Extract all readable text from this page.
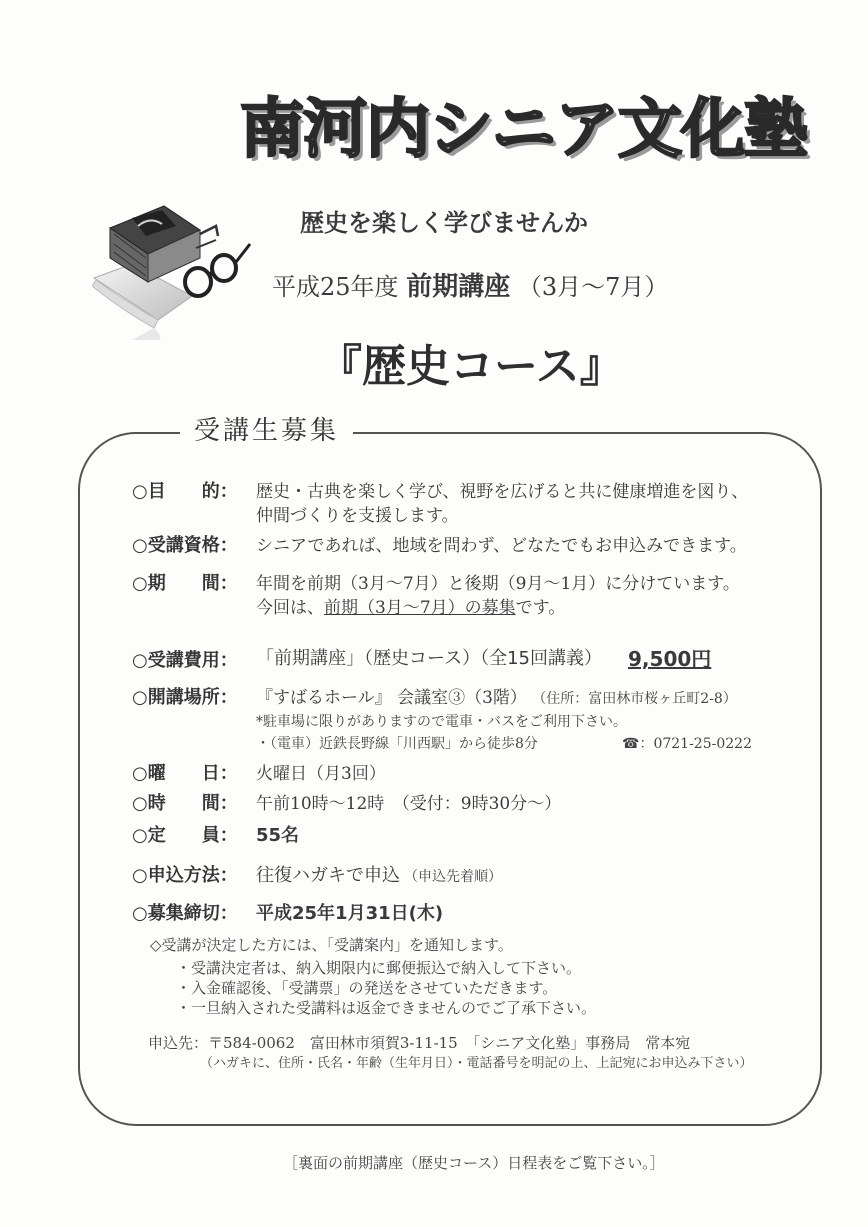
南河内シニア文化塾
歴史を楽しく学びませんか
平成25年度 前期講座 （3月～7月）
『歴史コース』
受講生募集
○目　　的： 歴史・古典を楽しく学び、視野を広げると共に健康増進を図り、
仲間づくりを支援します。
○受講資格： シニアであれば、地域を問わず、どなたでもお申込みできます。
○期　　間： 年間を前期（3月～7月）と後期（9月～1月）に分けています。
今回は、前期（3月～7月）の募集です。
○受講費用： 「前期講座」（歴史コース）（全15回講義） 9,500円
○開講場所： 『すばるホール』 会議室③（3階） （住所：富田林市桜ヶ丘町2-8）
*駐車場に限りがありますので電車・バスをご利用下さい。
・（電車）近鉄長野線「川西駅」から徒歩8分	☎：0721-25-0222
○曜　　日： 火曜日（月3回）
○時　　間： 午前10時～12時　（受付：9時30分～）
○定　　員： 55名
○申込方法： 往復ハガキで申込 （申込先着順）
○募集締切： 平成25年1月31日(木)
◇受講が決定した方には、「受講案内」を通知します。
・受講決定者は、納入期限内に郵便振込で納入して下さい。
・入金確認後、「受講票」の発送をさせていただきます。
・一旦納入された受講料は返金できませんのでご了承下さい。
申込先：〒584-0062　富田林市須賀3-11-15　「シニア文化塾」事務局　常本宛
（ハガキに、住所・氏名・年齢（生年月日）・電話番号を明記の上、上記宛にお申込み下さい）
［裏面の前期講座（歴史コース）日程表をご覧下さい。］
